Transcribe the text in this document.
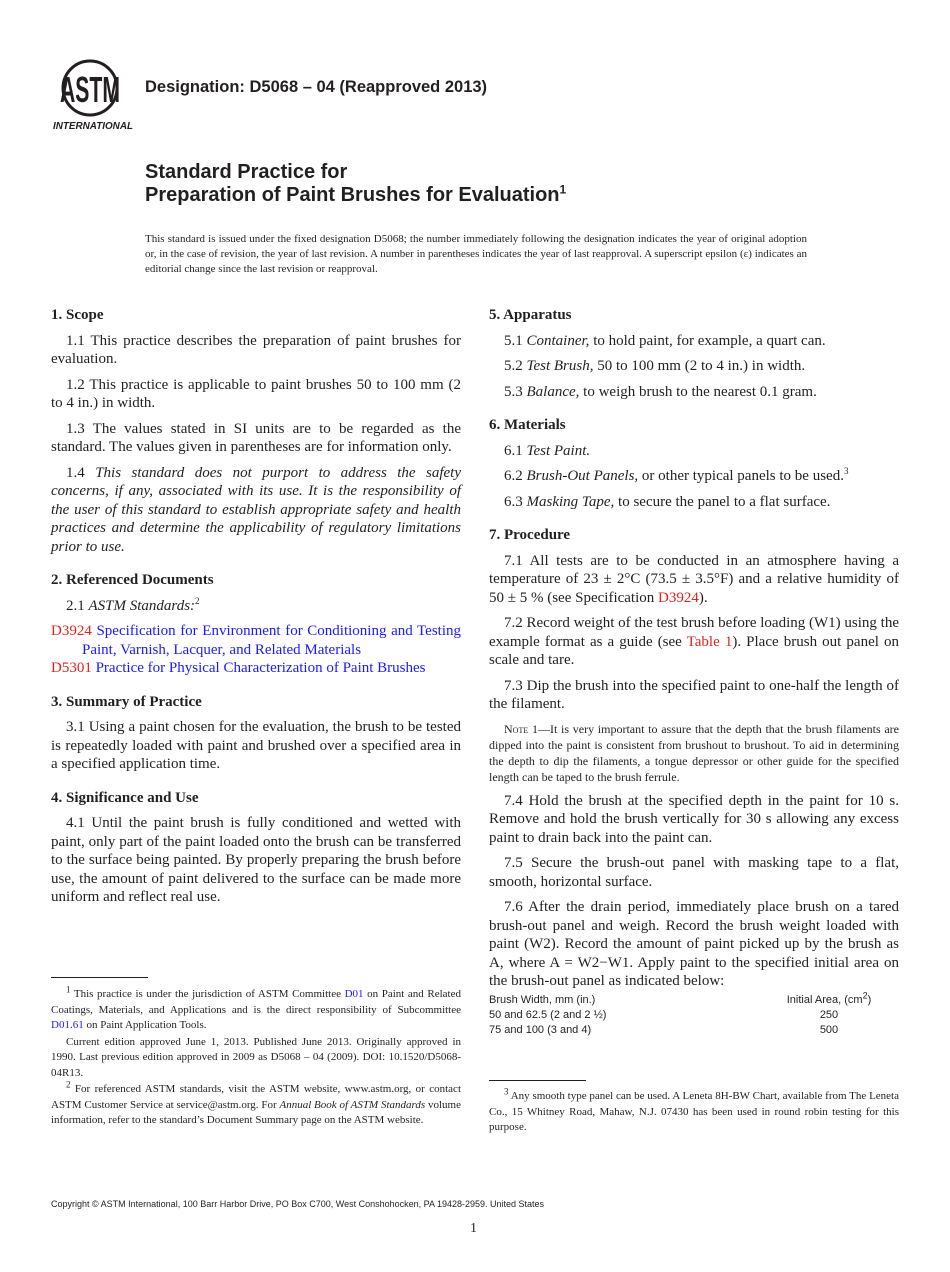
ASTM
INTERNATIONAL
Designation: D5068 – 04 (Reapproved 2013)
Standard Practice for
Preparation of Paint Brushes for Evaluation$^1$
This standard is issued under the fixed designation D5068; the number immediately following the designation indicates the year of original adoption or, in the case of revision, the year of last revision. A number in parentheses indicates the year of last reapproval. A superscript epsilon (ε) indicates an editorial change since the last revision or reapproval.
1. Scope

1.1 This practice describes the preparation of paint brushes for evaluation.

1.2 This practice is applicable to paint brushes 50 to 100 mm (2 to 4 in.) in width.

1.3 The values stated in SI units are to be regarded as the standard. The values given in parentheses are for information only.

1.4 This standard does not purport to address the safety concerns, if any, associated with its use. It is the responsibility of the user of this standard to establish appropriate safety and health practices and determine the applicability of regulatory limitations prior to use.

2. Referenced Documents

2.1 ASTM Standards:$^2$

D3924 Specification for Environment for Conditioning and Testing Paint, Varnish, Lacquer, and Related Materials

D5301 Practice for Physical Characterization of Paint Brushes

3. Summary of Practice

3.1 Using a paint chosen for the evaluation, the brush to be tested is repeatedly loaded with paint and brushed over a specified area in a specified application time.

4. Significance and Use

4.1 Until the paint brush is fully conditioned and wetted with paint, only part of the paint loaded onto the brush can be transferred to the surface being painted. By properly preparing the brush before use, the amount of paint delivered to the surface can be made more uniform and reflect real use.

$^1$ This practice is under the jurisdiction of ASTM Committee D01 on Paint and Related Coatings, Materials, and Applications and is the direct responsibility of Subcommittee D01.61 on Paint Application Tools.

Current edition approved June 1, 2013. Published June 2013. Originally approved in 1990. Last previous edition approved in 2009 as D5068 – 04 (2009). DOI: 10.1520/D5068-04R13.

$^2$ For referenced ASTM standards, visit the ASTM website, www.astm.org, or contact ASTM Customer Service at service@astm.org. For Annual Book of ASTM Standards volume information, refer to the standard’s Document Summary page on the ASTM website.

5. Apparatus

5.1 Container, to hold paint, for example, a quart can.

5.2 Test Brush, 50 to 100 mm (2 to 4 in.) in width.

5.3 Balance, to weigh brush to the nearest 0.1 gram.

6. Materials

6.1 Test Paint.

6.2 Brush-Out Panels, or other typical panels to be used.$^3$

6.3 Masking Tape, to secure the panel to a flat surface.

7. Procedure

7.1 All tests are to be conducted in an atmosphere having a temperature of 23 ± 2°C (73.5 ± 3.5°F) and a relative humidity of 50 ± 5 % (see Specification D3924).

7.2 Record weight of the test brush before loading (W1) using the example format as a guide (see Table 1). Place brush out panel on scale and tare.

7.3 Dip the brush into the specified paint to one-half the length of the filament.

Note 1—It is very important to assure that the depth that the brush filaments are dipped into the paint is consistent from brushout to brushout. To aid in determining the depth to dip the filaments, a tongue depressor or other guide for the specified length can be taped to the brush ferrule.

7.4 Hold the brush at the specified depth in the paint for 10 s. Remove and hold the brush vertically for 30 s allowing any excess paint to drain back into the paint can.

7.5 Secure the brush-out panel with masking tape to a flat, smooth, horizontal surface.

7.6 After the drain period, immediately place brush on a tared brush-out panel and weigh. Record the brush weight loaded with paint (W2). Record the amount of paint picked up by the brush as A, where A = W2−W1. Apply paint to the specified initial area on the brush-out panel as indicated below:

Brush Width, mm (in.)	Initial Area, $(cm^2)$
50 and 62.5 (2 and 2 ½)	250
75 and 100 (3 and 4)	500

$^3$ Any smooth type panel can be used. A Leneta 8H-BW Chart, available from The Leneta Co., 15 Whitney Road, Mahaw, N.J. 07430 has been used in round robin testing for this purpose.

Copyright © ASTM International, 100 Barr Harbor Drive, PO Box C700, West Conshohocken, PA 19428-2959. United States
1
